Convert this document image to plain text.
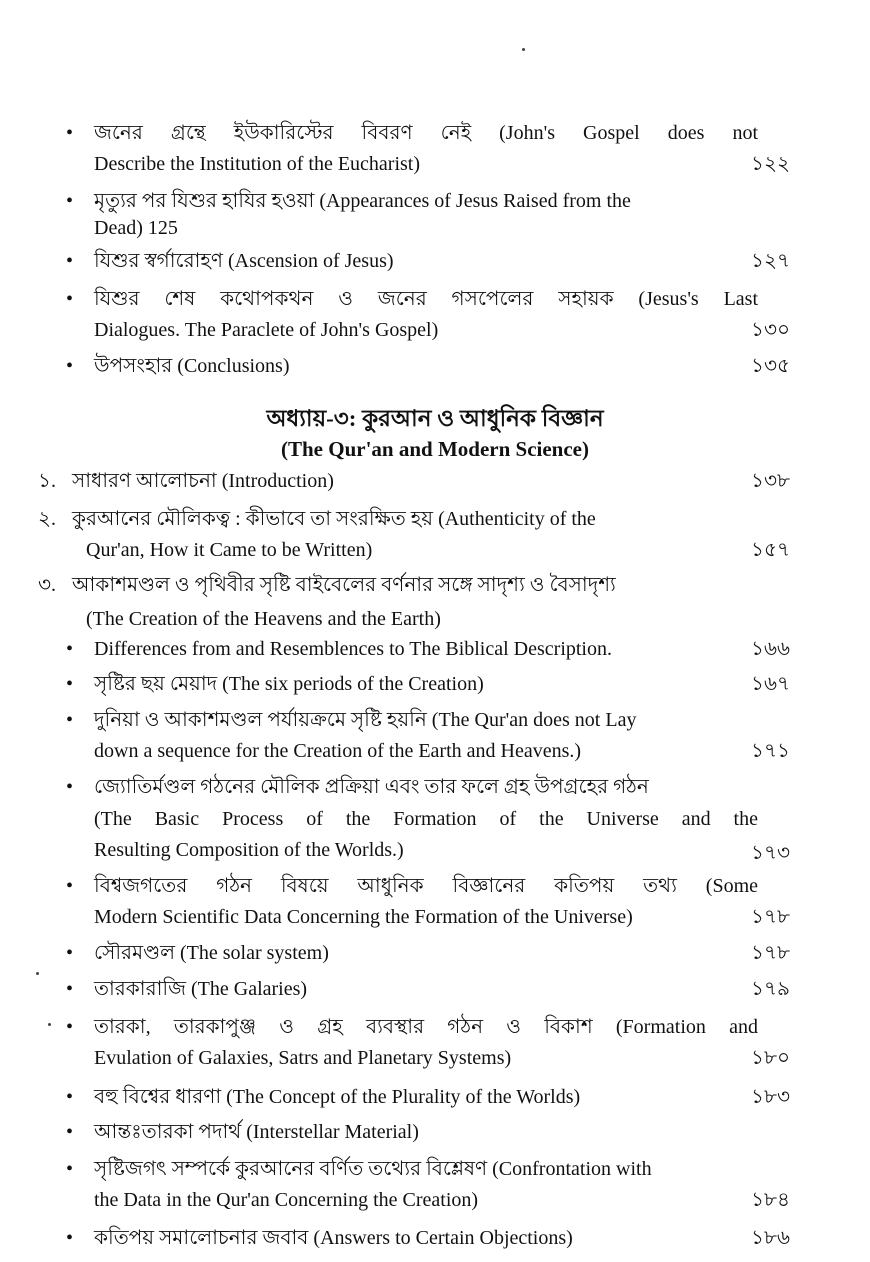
• জনের গ্রন্থে ইউকারিস্টের বিবরণ নেই (John's Gospel does not
Describe the Institution of the Eucharist)	১২২
• মৃত্যুর পর যিশুর হাযির হওয়া (Appearances of Jesus Raised from the
Dead) 125
• যিশুর স্বর্গারোহণ (Ascension of Jesus)	১২৭
• যিশুর শেষ কথোপকথন ও জনের গসপেলের সহায়ক (Jesus's Last
Dialogues. The Paraclete of John's Gospel)	১৩০
• উপসংহার (Conclusions)	১৩৫
অধ্যায়-৩: কুরআন ও আধুনিক বিজ্ঞান
(The Qur'an and Modern Science)
১. সাধারণ আলোচনা (Introduction)	১৩৮
২. কুরআনের মৌলিকত্ব : কীভাবে তা সংরক্ষিত হয় (Authenticity of the
Qur'an, How it Came to be Written)	১৫৭
৩. আকাশমণ্ডল ও পৃথিবীর সৃষ্টি বাইবেলের বর্ণনার সঙ্গে সাদৃশ্য ও বৈসাদৃশ্য
(The Creation of the Heavens and the Earth)
• Differences from and Resemblences to The Biblical Description.	১৬৬
• সৃষ্টির ছয় মেয়াদ (The six periods of the Creation)	১৬৭
• দুনিয়া ও আকাশমণ্ডল পর্যায়ক্রমে সৃষ্টি হয়নি (The Qur'an does not Lay
down a sequence for the Creation of the Earth and Heavens.)	১৭১
• জ্যোতির্মণ্ডল গঠনের মৌলিক প্রক্রিয়া এবং তার ফলে গ্রহ উপগ্রহের গঠন
(The Basic Process of the Formation of the Universe and the
Resulting Composition of the Worlds.)	১৭৩
• বিশ্বজগতের গঠন বিষয়ে আধুনিক বিজ্ঞানের কতিপয় তথ্য (Some
Modern Scientific Data Concerning the Formation of the Universe)	১৭৮
• সৌরমণ্ডল (The solar system)	১৭৮
• তারকারাজি (The Galaries)	১৭৯
• তারকা, তারকাপুঞ্জ ও গ্রহ ব্যবস্থার গঠন ও বিকাশ (Formation and
Evulation of Galaxies, Satrs and Planetary Systems)	১৮০
• বহু বিশ্বের ধারণা (The Concept of the Plurality of the Worlds)	১৮৩
• আন্তঃতারকা পদার্থ (Interstellar Material)
• সৃষ্টিজগৎ সম্পর্কে কুরআনের বর্ণিত তথ্যের বিশ্লেষণ (Confrontation with
the Data in the Qur'an Concerning the Creation)	১৮৪
• কতিপয় সমালোচনার জবাব (Answers to Certain Objections)	১৮৬
